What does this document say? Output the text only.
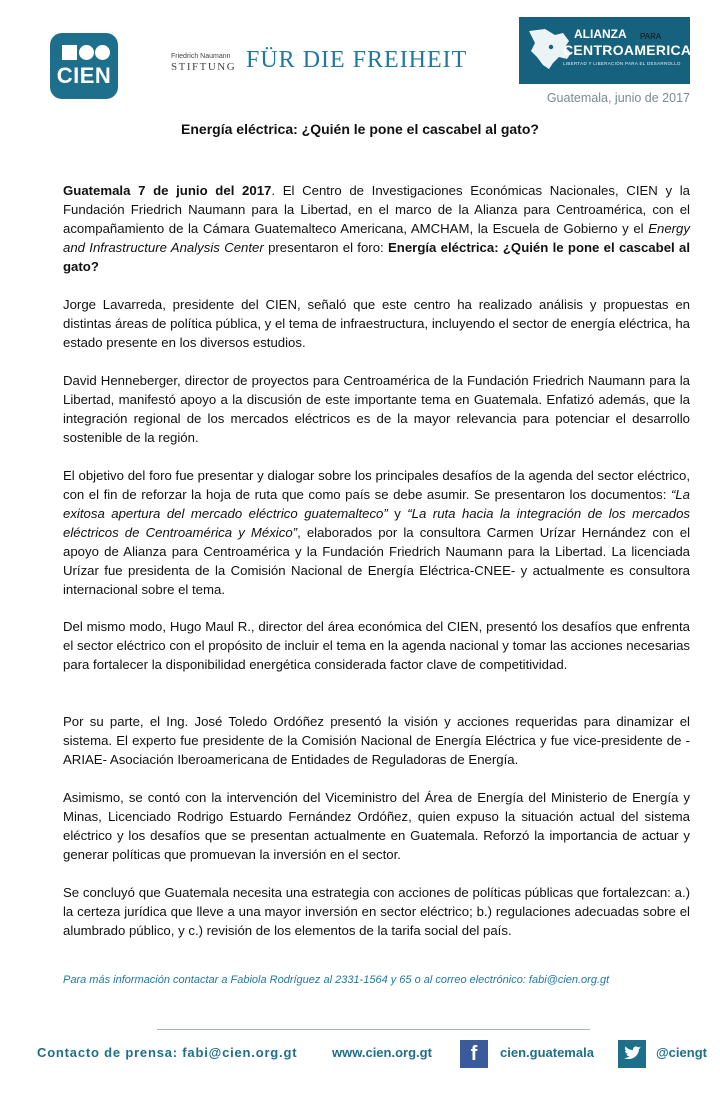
CIEN
Friedrich Naumann
STIFTUNG FÜR DIE FREIHEIT
ALIANZA PARA
CENTROAMERICA
LIBERTAD Y LIBERACIÓN PARA EL DESARROLLO
Guatemala, junio de 2017
Energía eléctrica: ¿Quién le pone el cascabel al gato?

Guatemala 7 de junio del 2017. El Centro de Investigaciones Económicas Nacionales, CIEN y la Fundación Friedrich Naumann para la Libertad, en el marco de la Alianza para Centroamérica, con el acompañamiento de la Cámara Guatemalteco Americana, AMCHAM, la Escuela de Gobierno y el Energy and Infrastructure Analysis Center presentaron el foro: Energía eléctrica: ¿Quién le pone el cascabel al gato?

Jorge Lavarreda, presidente del CIEN, señaló que este centro ha realizado análisis y propuestas en distintas áreas de política pública, y el tema de infraestructura, incluyendo el sector de energía eléctrica, ha estado presente en los diversos estudios.

David Henneberger, director de proyectos para Centroamérica de la Fundación Friedrich Naumann para la Libertad, manifestó apoyo a la discusión de este importante tema en Guatemala. Enfatizó además, que la integración regional de los mercados eléctricos es de la mayor relevancia para potenciar el desarrollo sostenible de la región.

El objetivo del foro fue presentar y dialogar sobre los principales desafíos de la agenda del sector eléctrico, con el fin de reforzar la hoja de ruta que como país se debe asumir. Se presentaron los documentos: “La exitosa apertura del mercado eléctrico guatemalteco” y “La ruta hacia la integración de los mercados eléctricos de Centroamérica y México”, elaborados por la consultora Carmen Urízar Hernández con el apoyo de Alianza para Centroamérica y la Fundación Friedrich Naumann para la Libertad. La licenciada Urízar fue presidenta de la Comisión Nacional de Energía Eléctrica-CNEE- y actualmente es consultora internacional sobre el tema.

Del mismo modo, Hugo Maul R., director del área económica del CIEN, presentó los desafíos que enfrenta el sector eléctrico con el propósito de incluir el tema en la agenda nacional y tomar las acciones necesarias para fortalecer la disponibilidad energética considerada factor clave de competitividad.

Por su parte, el Ing. José Toledo Ordóñez presentó la visión y acciones requeridas para dinamizar el sistema. El experto fue presidente de la Comisión Nacional de Energía Eléctrica y fue vice-presidente de -ARIAE- Asociación Iberoamericana de Entidades de Reguladoras de Energía.

Asimismo, se contó con la intervención del Viceministro del Área de Energía del Ministerio de Energía y Minas, Licenciado Rodrigo Estuardo Fernández Ordóñez, quien expuso la situación actual del sistema eléctrico y los desafíos que se presentan actualmente en Guatemala. Reforzó la importancia de actuar y generar políticas que promuevan la inversión en el sector.

Se concluyó que Guatemala necesita una estrategia con acciones de políticas públicas que fortalezcan: a.) la certeza jurídica que lleve a una mayor inversión en sector eléctrico; b.) regulaciones adecuadas sobre el alumbrado público, y c.) revisión de los elementos de la tarifa social del país.

Para más información contactar a Fabiola Rodríguez al 2331-1564 y 65 o al correo electrónico: fabi@cien.org.gt
Contacto de prensa: fabi@cien.org.gt	www.cien.org.gt	f	cien.guatemala	@ciengt
